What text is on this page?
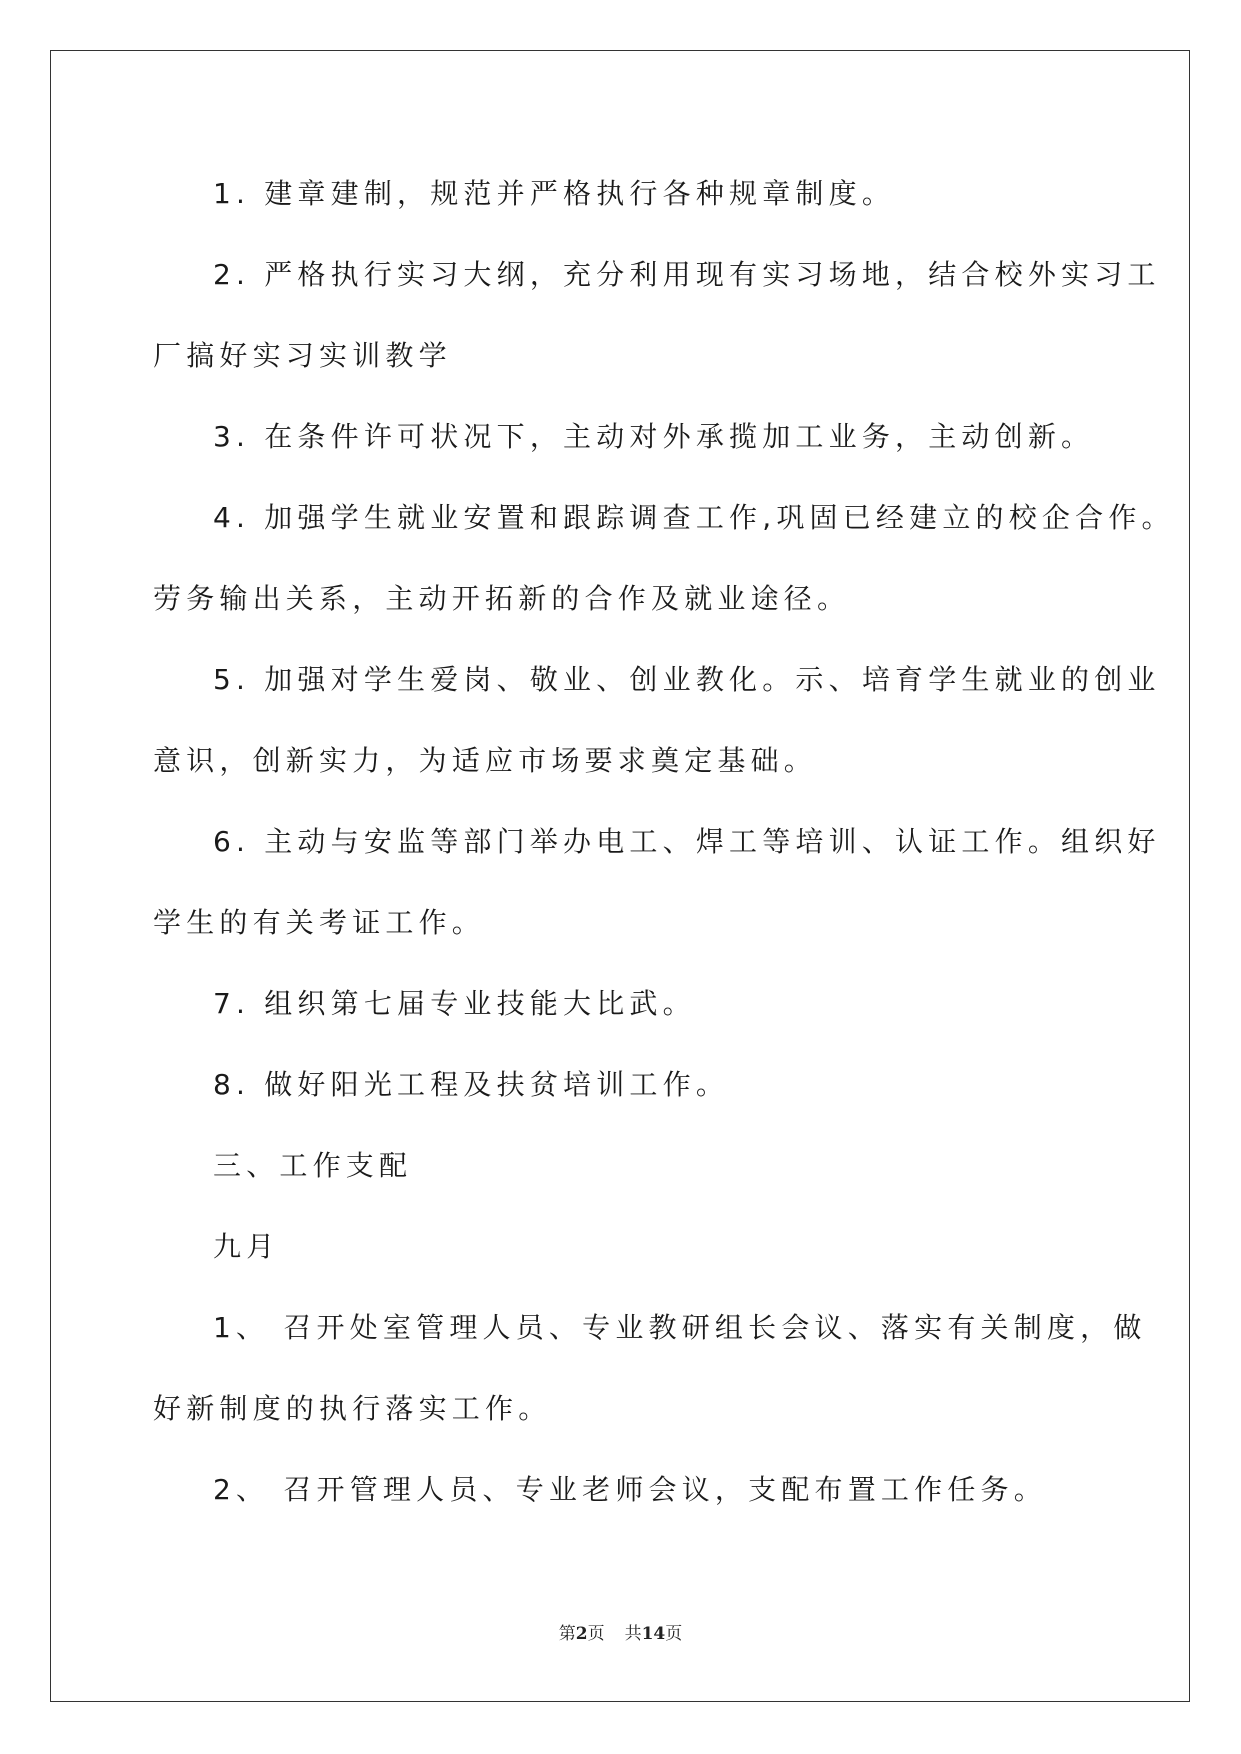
1. 建章建制，规范并严格执行各种规章制度。
2. 严格执行实习大纲，充分利用现有实习场地，结合校外实习工
厂搞好实习实训教学
3. 在条件许可状况下，主动对外承揽加工业务，主动创新。
4. 加强学生就业安置和跟踪调查工作,巩固已经建立的校企合作。
劳务输出关系，主动开拓新的合作及就业途径。
5. 加强对学生爱岗、敬业、创业教化。示、培育学生就业的创业
意识，创新实力，为适应市场要求奠定基础。
6. 主动与安监等部门举办电工、焊工等培训、认证工作。组织好
学生的有关考证工作。
7. 组织第七届专业技能大比武。
8. 做好阳光工程及扶贫培训工作。
三、工作支配
九月
1、 召开处室管理人员、专业教研组长会议、落实有关制度，做
好新制度的执行落实工作。
2、 召开管理人员、专业老师会议，支配布置工作任务。
第2页 共14页
